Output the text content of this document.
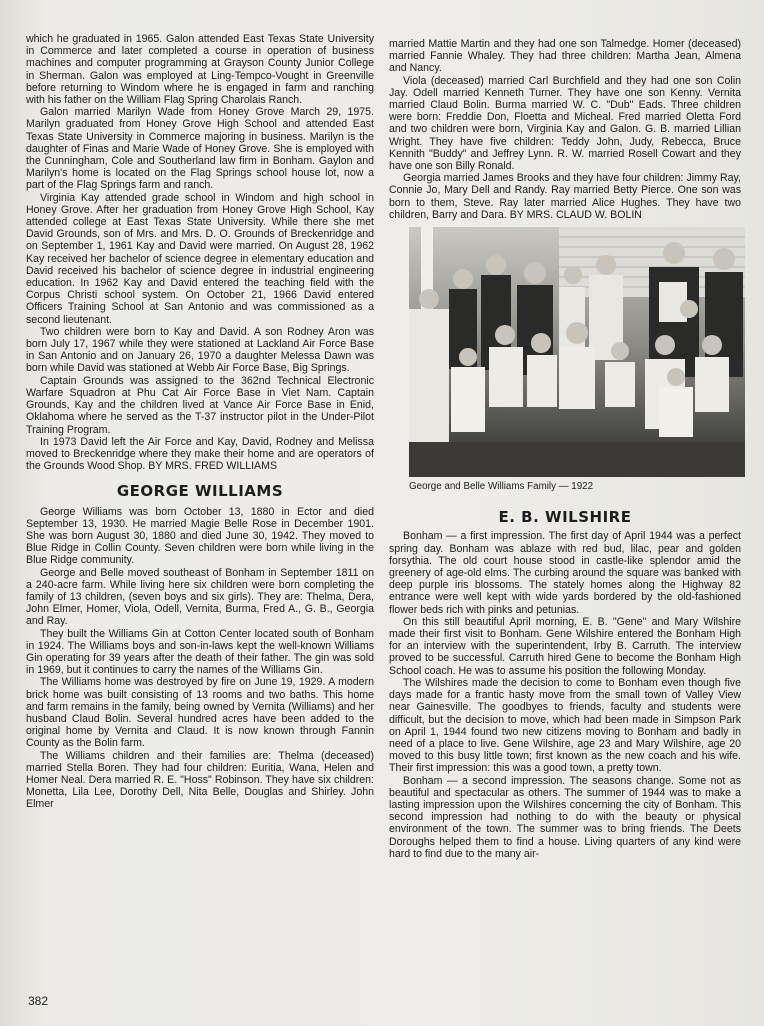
which he graduated in 1965. Galon attended East Texas State University in Commerce and later completed a course in operation of business machines and computer programming at Grayson County Junior College in Sherman. Galon was employed at Ling-Tempco-Vought in Greenville before returning to Windom where he is engaged in farm and ranching with his father on the William Flag Spring Charolais Ranch.

Galon married Marilyn Wade from Honey Grove March 29, 1975. Marilyn graduated from Honey Grove High School and attended East Texas State University in Commerce majoring in business. Marilyn is the daughter of Finas and Marie Wade of Honey Grove. She is employed with the Cunningham, Cole and Southerland law firm in Bonham. Gaylon and Marilyn's home is located on the Flag Springs school house lot, now a part of the Flag Springs farm and ranch.

Virginia Kay attended grade school in Windom and high school in Honey Grove. After her graduation from Honey Grove High School, Kay attended college at East Texas State University. While there she met David Grounds, son of Mrs. and Mrs. D. O. Grounds of Breckenridge and on September 1, 1961 Kay and David were married. On August 28, 1962 Kay received her bachelor of science degree in elementary education and David received his bachelor of science degree in industrial engineering education. In 1962 Kay and David entered the teaching field with the Corpus Christi school system. On October 21, 1966 David entered Officers Training School at San Antonio and was commissioned as a second lieutenant.

Two children were born to Kay and David. A son Rodney Aron was born July 17, 1967 while they were stationed at Lackland Air Force Base in San Antonio and on January 26, 1970 a daughter Melessa Dawn was born while David was stationed at Webb Air Force Base, Big Springs.

Captain Grounds was assigned to the 362nd Technical Electronic Warfare Squadron at Phu Cat Air Force Base in Viet Nam. Captain Grounds, Kay and the children lived at Vance Air Force Base in Enid, Oklahoma where he served as the T-37 instructor pilot in the Under-Pilot Training Program.

In 1973 David left the Air Force and Kay, David, Rodney and Melissa moved to Breckenridge where they make their home and are operators of the Grounds Wood Shop. BY MRS. FRED WILLIAMS

GEORGE WILLIAMS

George Williams was born October 13, 1880 in Ector and died September 13, 1930. He married Magie Belle Rose in December 1901. She was born August 30, 1880 and died June 30, 1942. They moved to Blue Ridge in Collin County. Seven children were born while living in the Blue Ridge community.

George and Belle moved southeast of Bonham in September 1811 on a 240-acre farm. While living here six children were born completing the family of 13 children, (seven boys and six girls). They are: Thelma, Dera, John Elmer, Homer, Viola, Odell, Vernita, Burma, Fred A., G. B., Georgia and Ray.

They built the Williams Gin at Cotton Center located south of Bonham in 1924. The Williams boys and son-in-laws kept the well-known Williams Gin operating for 39 years after the death of their father. The gin was sold in 1969, but it continues to carry the names of the Williams Gin.

The Williams home was destroyed by fire on June 19, 1929. A modern brick home was built consisting of 13 rooms and two baths. This home and farm remains in the family, being owned by Vernita (Williams) and her husband Claud Bolin. Several hundred acres have been added to the original home by Vernita and Claud. It is now known through Fannin County as the Bolin farm.

The Williams children and their families are: Thelma (deceased) married Stella Boren. They had four children: Euritia, Wana, Helen and Homer Neal. Dera married R. E. "Hoss" Robinson. They have six children: Monetta, Lila Lee, Dorothy Dell, Nita Belle, Douglas and Shirley. John Elmer

married Mattie Martin and they had one son Talmedge. Homer (deceased) married Fannie Whaley. They had three children: Martha Jean, Almena and Nancy.

Viola (deceased) married Carl Burchfield and they had one son Colin Jay. Odell married Kenneth Turner. They have one son Kenny. Vernita married Claud Bolin. Burma married W. C. "Dub" Eads. Three children were born: Freddie Don, Floetta and Micheal. Fred married Oletta Ford and two children were born, Virginia Kay and Galon. G. B. married Lillian Wright. They have five children: Teddy John, Judy, Rebecca, Bruce Kennith "Buddy" and Jeffrey Lynn. R. W. married Rosell Cowart and they have one son Billy Ronald.

Georgia married James Brooks and they have four children: Jimmy Ray, Connie Jo, Mary Dell and Randy. Ray married Betty Pierce. One son was born to them, Steve. Ray later married Alice Hughes. They have two children, Barry and Dara. BY MRS. CLAUD W. BOLIN

George and Belle Williams Family — 1922
E. B. WILSHIRE

Bonham — a first impression. The first day of April 1944 was a perfect spring day. Bonham was ablaze with red bud, lilac, pear and golden forsythia. The old court house stood in castle-like splendor amid the greenery of age-old elms. The curbing around the square was banked with deep purple iris blossoms. The stately homes along the Highway 82 entrance were well kept with wide yards bordered by the old-fashioned flower beds rich with pinks and petunias.

On this still beautiful April morning, E. B. "Gene" and Mary Wilshire made their first visit to Bonham. Gene Wilshire entered the Bonham High for an interview with the superintendent, Irby B. Carruth. The interview proved to be successful. Carruth hired Gene to become the Bonham High School coach. He was to assume his position the following Monday.

The Wilshires made the decision to come to Bonham even though five days made for a frantic hasty move from the small town of Valley View near Gainesville. The goodbyes to friends, faculty and students were difficult, but the decision to move, which had been made in Simpson Park on April 1, 1944 found two new citizens moving to Bonham and badly in need of a place to live. Gene Wilshire, age 23 and Mary Wilshire, age 20 moved to this busy little town; first known as the new coach and his wife. Their first impression: this was a good town, a pretty town.

Bonham — a second impression. The seasons change. Some not as beautiful and spectacular as others. The summer of 1944 was to make a lasting impression upon the Wilshires concerning the city of Bonham. This second impression had nothing to do with the beauty or physical environment of the town. The summer was to bring friends. The Deets Doroughs helped them to find a house. Living quarters of any kind were hard to find due to the many air-

382
